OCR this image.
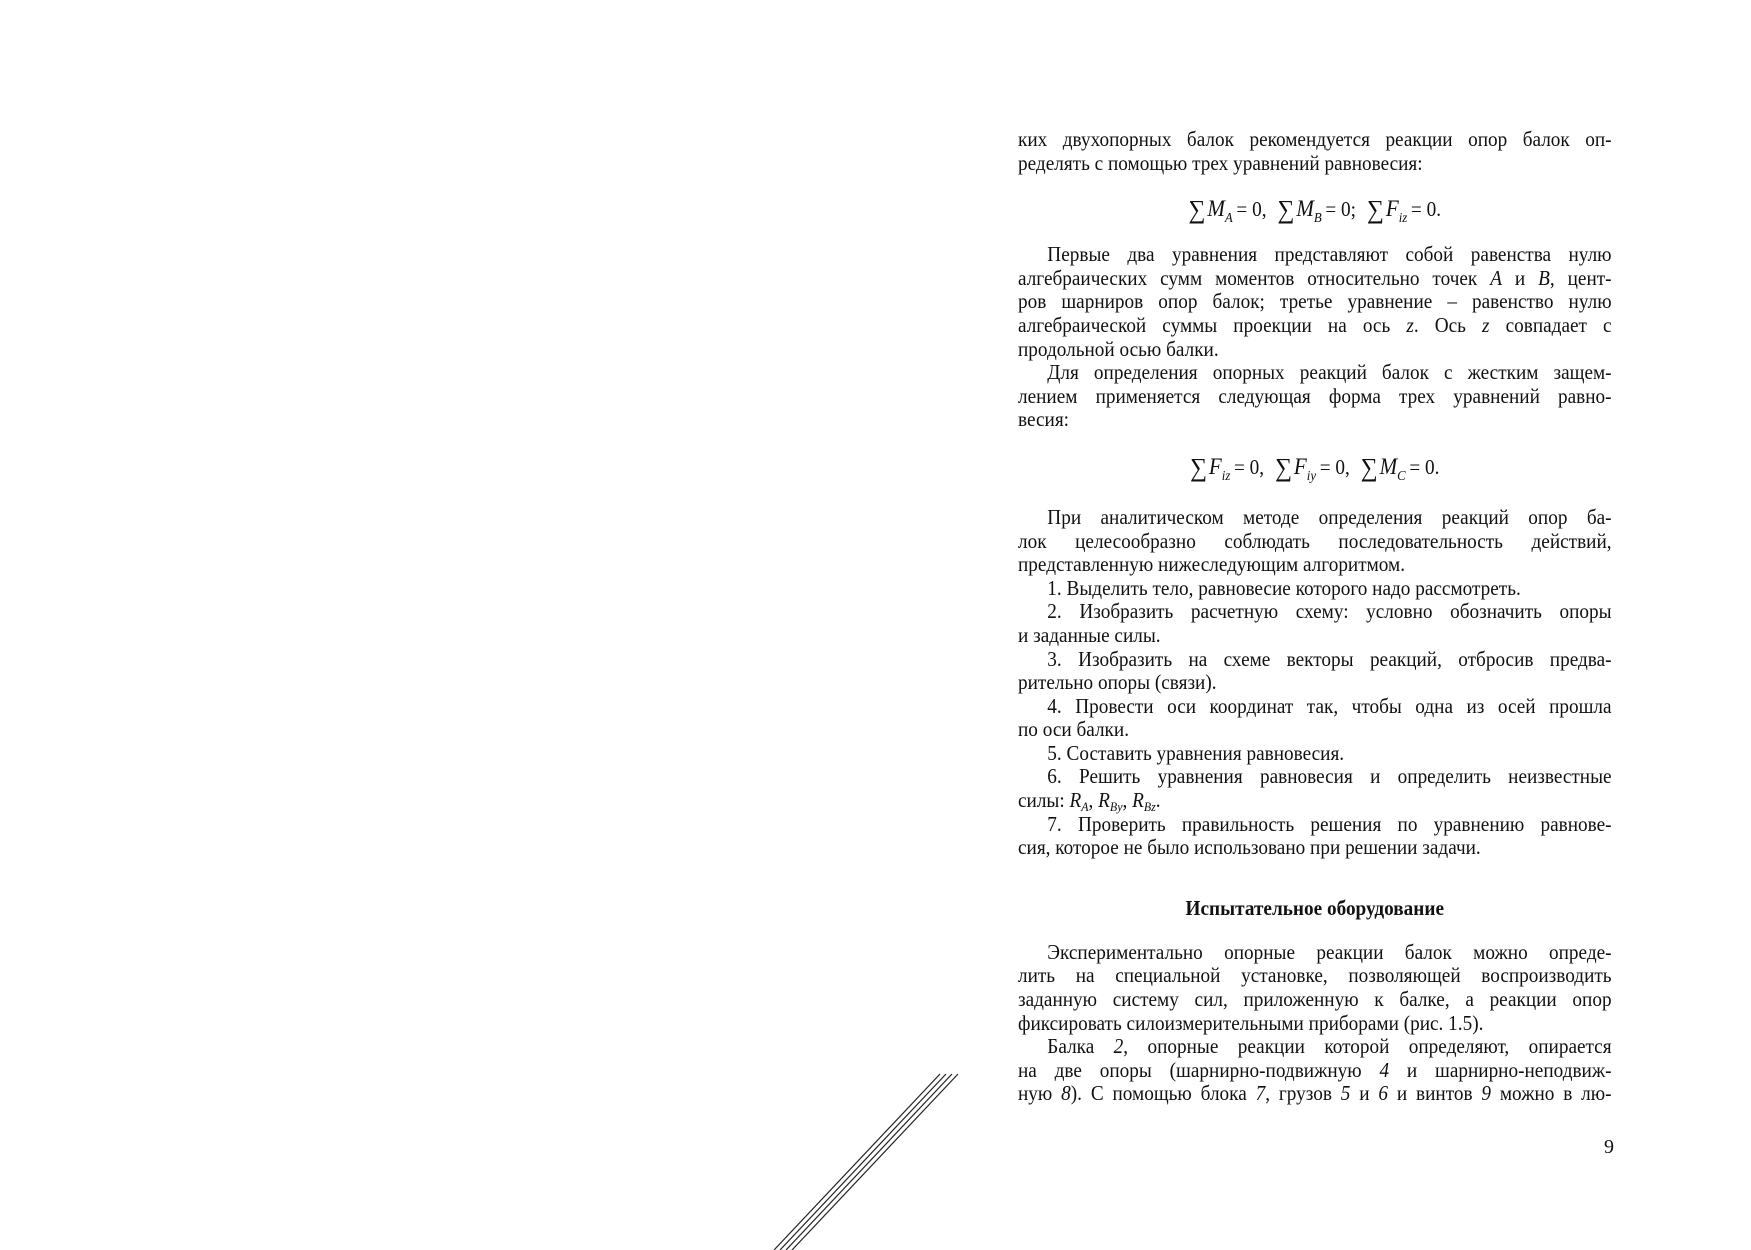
ких двухопорных балок рекомендуется реакции опор балок оп-
ределять с помощью трех уравнений равновесия:
$\sum M_A = 0$, $\sum M_B = 0$; $\sum F_{iz} = 0$.
Первые два уравнения представляют собой равенства нулю
алгебраических сумм моментов относительно точек A и B, цент-
ров шарниров опор балок; третье уравнение – равенство нулю
алгебраической суммы проекции на ось z. Ось z совпадает с
продольной осью балки.
Для определения опорных реакций балок с жестким защем-
лением применяется следующая форма трех уравнений равно-
весия:
$\sum F_{iz} = 0$, $\sum F_{iy} = 0$, $\sum M_C = 0$.
При аналитическом методе определения реакций опор ба-
лок целесообразно соблюдать последовательность действий,
представленную нижеследующим алгоритмом.
1. Выделить тело, равновесие которого надо рассмотреть.
2. Изобразить расчетную схему: условно обозначить опоры
и заданные силы.
3. Изобразить на схеме векторы реакций, отбросив предва-
рительно опоры (связи).
4. Провести оси координат так, чтобы одна из осей прошла
по оси балки.
5. Составить уравнения равновесия.
6. Решить уравнения равновесия и определить неизвестные
силы: $R_A$, $R_{By}$, $R_{Bz}$.
7. Проверить правильность решения по уравнению равнове-
сия, которое не было использовано при решении задачи.
Испытательное оборудование
Экспериментально опорные реакции балок можно опреде-
лить на специальной установке, позволяющей воспроизводить
заданную систему сил, приложенную к балке, а реакции опор
фиксировать силоизмерительными приборами (рис. 1.5).
Балка 2, опорные реакции которой определяют, опирается
на две опоры (шарнирно-подвижную 4 и шарнирно-неподвиж-
ную 8). С помощью блока 7, грузов 5 и 6 и винтов 9 можно в лю-
9
